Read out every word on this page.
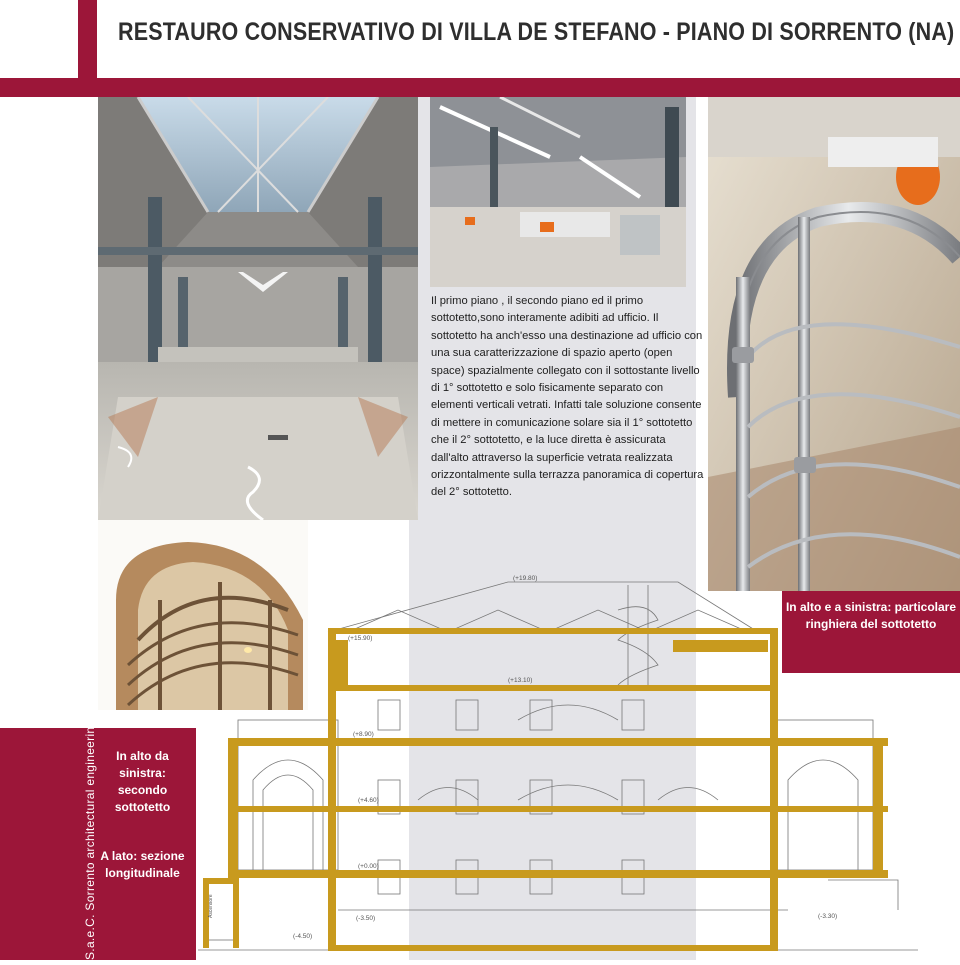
RESTAURO CONSERVATIVO DI VILLA DE STEFANO - PIANO DI SORRENTO (NA)
Il primo piano , il secondo piano ed il primo sottotetto,sono interamente adibiti ad ufficio. Il sottotetto ha anch'esso una destinazione ad ufficio con una sua caratterizzazione di spazio aperto (open space) spazialmente collegato con il sottostante livello di 1° sottotetto e solo fisicamente separato con elementi verticali vetrati. Infatti tale soluzione consente di mettere in comunicazione solare sia il 1° sottotetto che il 2° sottotetto, e la luce diretta è assicurata dall'alto attraverso la superficie vetrata realizzata orizzontalmente sulla terrazza panoramica di copertura del 2° sottotetto.
In alto e a sinistra: particolare ringhiera del sottotetto
In alto da sinistra: secondo sottotetto
A lato: sezione longitudinale
S.a.e.C. Sorrento architectural engineering Company
(+19.80)
(+15.90)
(+13.10)
(+8.90)
(+4.60)
(+0.00)
(-3.50)
(-4.50)
(-3.30)
Ascensore
